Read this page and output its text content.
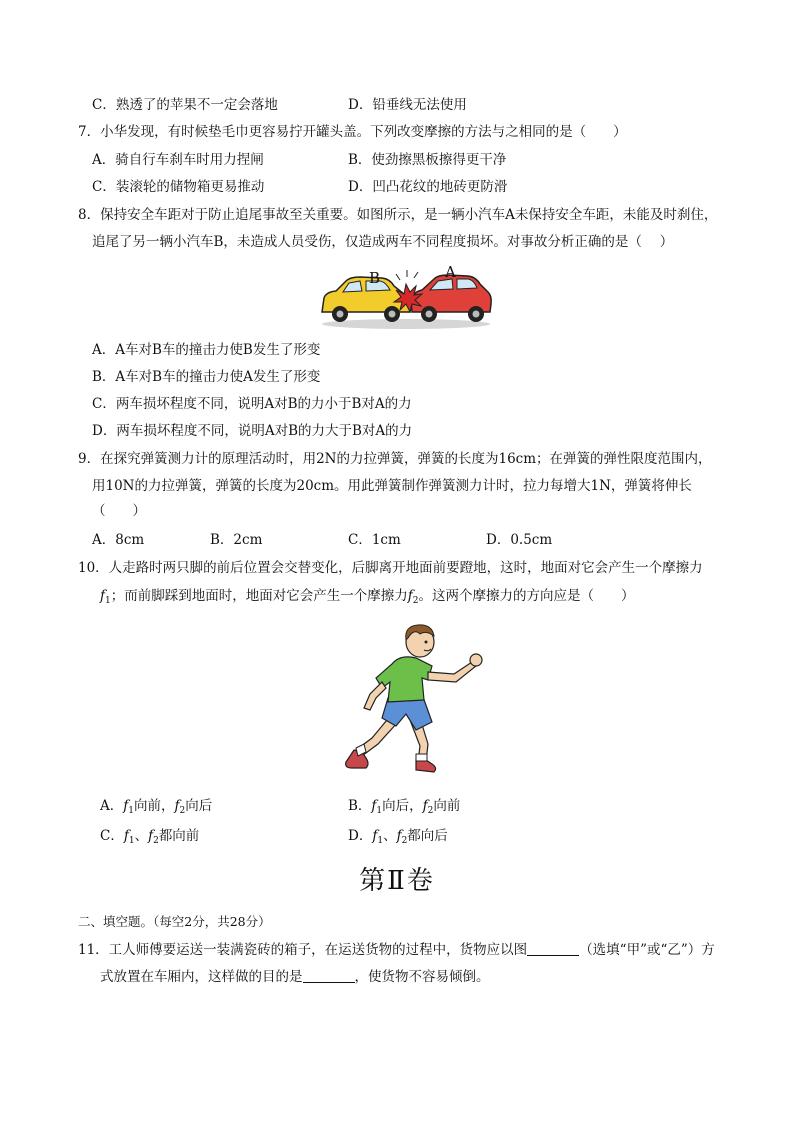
C．熟透了的苹果不一定会落地	D．铅垂线无法使用
7．小华发现，有时候垫毛巾更容易拧开罐头盖。下列改变摩擦的方法与之相同的是（　　）
A．骑自行车刹车时用力捏闸	B．使劲擦黑板擦得更干净
C．装滚轮的储物箱更易推动	D．凹凸花纹的地砖更防滑
8．保持安全车距对于防止追尾事故至关重要。如图所示，是一辆小汽车A未保持安全车距，未能及时刹住，
追尾了另一辆小汽车B，未造成人员受伤，仅造成两车不同程度损坏。对事故分析正确的是（　 ）
B	A
A．A车对B车的撞击力使B发生了形变
B．A车对B车的撞击力使A发生了形变
C．两车损坏程度不同，说明A对B的力小于B对A的力
D．两车损坏程度不同，说明A对B的力大于B对A的力
9．在探究弹簧测力计的原理活动时，用2N的力拉弹簧，弹簧的长度为16cm；在弹簧的弹性限度范围内，
用10N的力拉弹簧，弹簧的长度为20cm。用此弹簧制作弹簧测力计时，拉力每增大1N，弹簧将伸长
（　　）
A．8cm	B．2cm	C．1cm	D．0.5cm
10．人走路时两只脚的前后位置会交替变化，后脚离开地面前要蹬地，这时，地面对它会产生一个摩擦力
$f_1$；而前脚踩到地面时，地面对它会产生一个摩擦力$f_2$。这两个摩擦力的方向应是（　　）
A．$f_1$向前，$f_2$向后	B．$f_1$向后，$f_2$向前
C．$f_1$、$f_2$都向前	D．$f_1$、$f_2$都向后
第Ⅱ卷
二、填空题。（每空2分，共28分）
11．工人师傅要运送一装满瓷砖的箱子，在运送货物的过程中，货物应以图	（选填“甲”或“乙”）方
式放置在车厢内，这样做的目的是	，使货物不容易倾倒。
